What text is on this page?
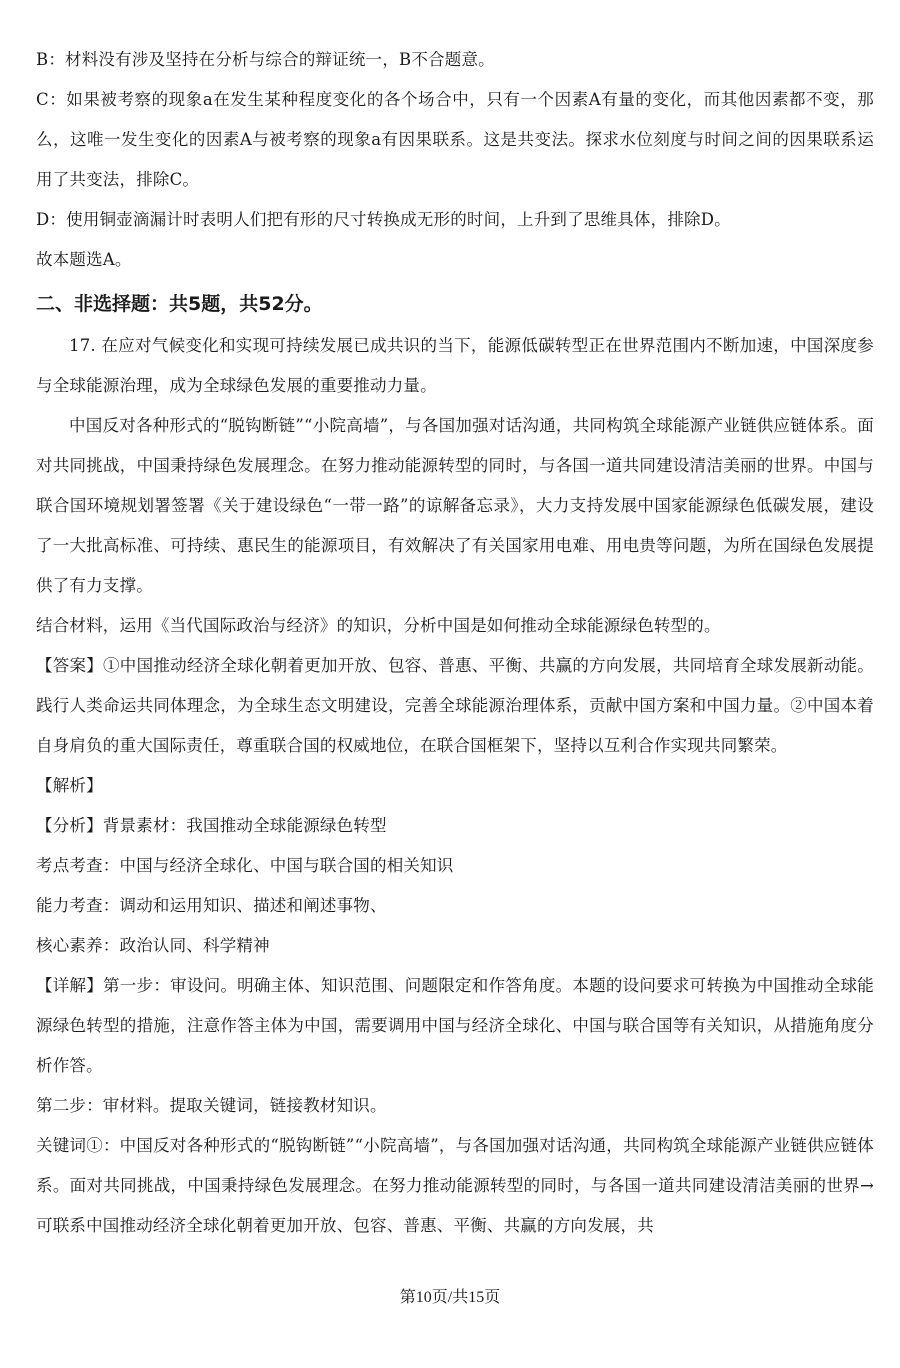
B：材料没有涉及坚持在分析与综合的辩证统一，B不合题意。

C：如果被考察的现象a在发生某种程度变化的各个场合中，只有一个因素A有量的变化，而其他因素都不变，那么，这唯一发生变化的因素A与被考察的现象a有因果联系。这是共变法。探求水位刻度与时间之间的因果联系运用了共变法，排除C。

D：使用铜壶滴漏计时表明人们把有形的尺寸转换成无形的时间，上升到了思维具体，排除D。

故本题选A。

二、非选择题：共5题，共52分。

17. 在应对气候变化和实现可持续发展已成共识的当下，能源低碳转型正在世界范围内不断加速，中国深度参与全球能源治理，成为全球绿色发展的重要推动力量。

中国反对各种形式的“脱钩断链”“小院高墙”，与各国加强对话沟通，共同构筑全球能源产业链供应链体系。面对共同挑战，中国秉持绿色发展理念。在努力推动能源转型的同时，与各国一道共同建设清洁美丽的世界。中国与联合国环境规划署签署《关于建设绿色“一带一路”的谅解备忘录》，大力支持发展中国家能源绿色低碳发展，建设了一大批高标准、可持续、惠民生的能源项目，有效解决了有关国家用电难、用电贵等问题，为所在国绿色发展提供了有力支撑。

结合材料，运用《当代国际政治与经济》的知识，分析中国是如何推动全球能源绿色转型的。

【答案】①中国推动经济全球化朝着更加开放、包容、普惠、平衡、共赢的方向发展，共同培育全球发展新动能。践行人类命运共同体理念，为全球生态文明建设，完善全球能源治理体系，贡献中国方案和中国力量。②中国本着自身肩负的重大国际责任，尊重联合国的权威地位，在联合国框架下，坚持以互利合作实现共同繁荣。

【解析】

【分析】背景素材：我国推动全球能源绿色转型

考点考查：中国与经济全球化、中国与联合国的相关知识

能力考查：调动和运用知识、描述和阐述事物、

核心素养：政治认同、科学精神

【详解】第一步：审设问。明确主体、知识范围、问题限定和作答角度。本题的设问要求可转换为中国推动全球能源绿色转型的措施，注意作答主体为中国，需要调用中国与经济全球化、中国与联合国等有关知识，从措施角度分析作答。

第二步：审材料。提取关键词，链接教材知识。

关键词①：中国反对各种形式的“脱钩断链”“小院高墙”，与各国加强对话沟通，共同构筑全球能源产业链供应链体系。面对共同挑战，中国秉持绿色发展理念。在努力推动能源转型的同时，与各国一道共同建设清洁美丽的世界→可联系中国推动经济全球化朝着更加开放、包容、普惠、平衡、共赢的方向发展，共

第10页/共15页
